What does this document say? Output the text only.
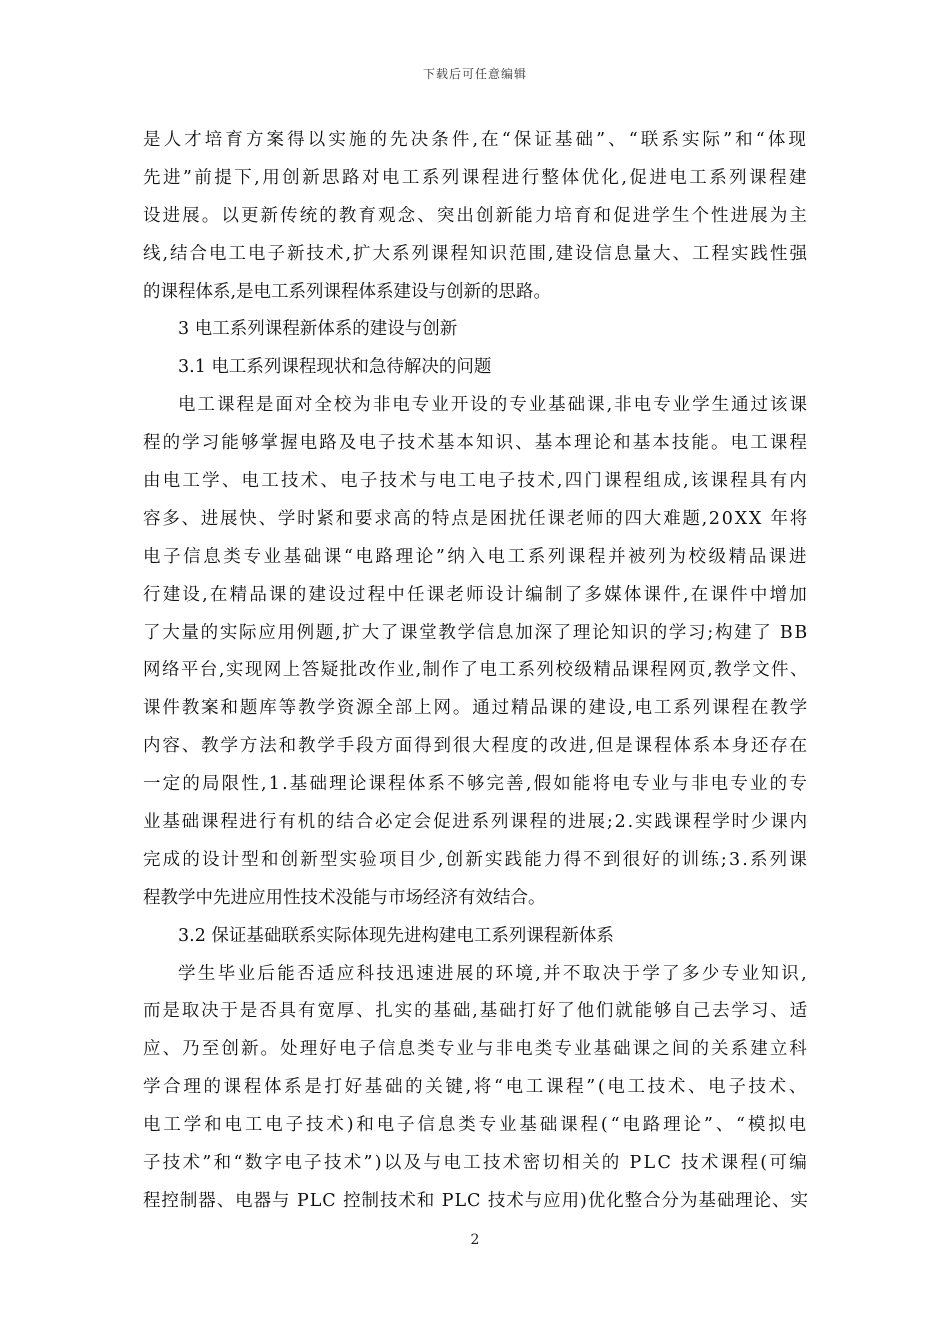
下载后可任意编辑
是人才培育方案得以实施的先决条件,在“保证基础”、“联系实际”和“体现
先进”前提下,用创新思路对电工系列课程进行整体优化,促进电工系列课程建
设进展。以更新传统的教育观念、突出创新能力培育和促进学生个性进展为主
线,结合电工电子新技术,扩大系列课程知识范围,建设信息量大、工程实践性强
的课程体系,是电工系列课程体系建设与创新的思路。
3 电工系列课程新体系的建设与创新
3.1 电工系列课程现状和急待解决的问题
电工课程是面对全校为非电专业开设的专业基础课,非电专业学生通过该课
程的学习能够掌握电路及电子技术基本知识、基本理论和基本技能。电工课程
由电工学、电工技术、电子技术与电工电子技术,四门课程组成,该课程具有内
容多、进展快、学时紧和要求高的特点是困扰任课老师的四大难题,20XX 年将
电子信息类专业基础课“电路理论”纳入电工系列课程并被列为校级精品课进
行建设,在精品课的建设过程中任课老师设计编制了多媒体课件,在课件中增加
了大量的实际应用例题,扩大了课堂教学信息加深了理论知识的学习;构建了 BB
网络平台,实现网上答疑批改作业,制作了电工系列校级精品课程网页,教学文件、
课件教案和题库等教学资源全部上网。通过精品课的建设,电工系列课程在教学
内容、教学方法和教学手段方面得到很大程度的改进,但是课程体系本身还存在
一定的局限性,1.基础理论课程体系不够完善,假如能将电专业与非电专业的专
业基础课程进行有机的结合必定会促进系列课程的进展;2.实践课程学时少课内
完成的设计型和创新型实验项目少,创新实践能力得不到很好的训练;3.系列课
程教学中先进应用性技术没能与市场经济有效结合。
3.2 保证基础联系实际体现先进构建电工系列课程新体系
学生毕业后能否适应科技迅速进展的环境,并不取决于学了多少专业知识,
而是取决于是否具有宽厚、扎实的基础,基础打好了他们就能够自己去学习、适
应、乃至创新。处理好电子信息类专业与非电类专业基础课之间的关系建立科
学合理的课程体系是打好基础的关键,将“电工课程”(电工技术、电子技术、
电工学和电工电子技术)和电子信息类专业基础课程(“电路理论”、“模拟电
子技术”和“数字电子技术”)以及与电工技术密切相关的 PLC 技术课程(可编
程控制器、电器与 PLC 控制技术和 PLC 技术与应用)优化整合分为基础理论、实
2
